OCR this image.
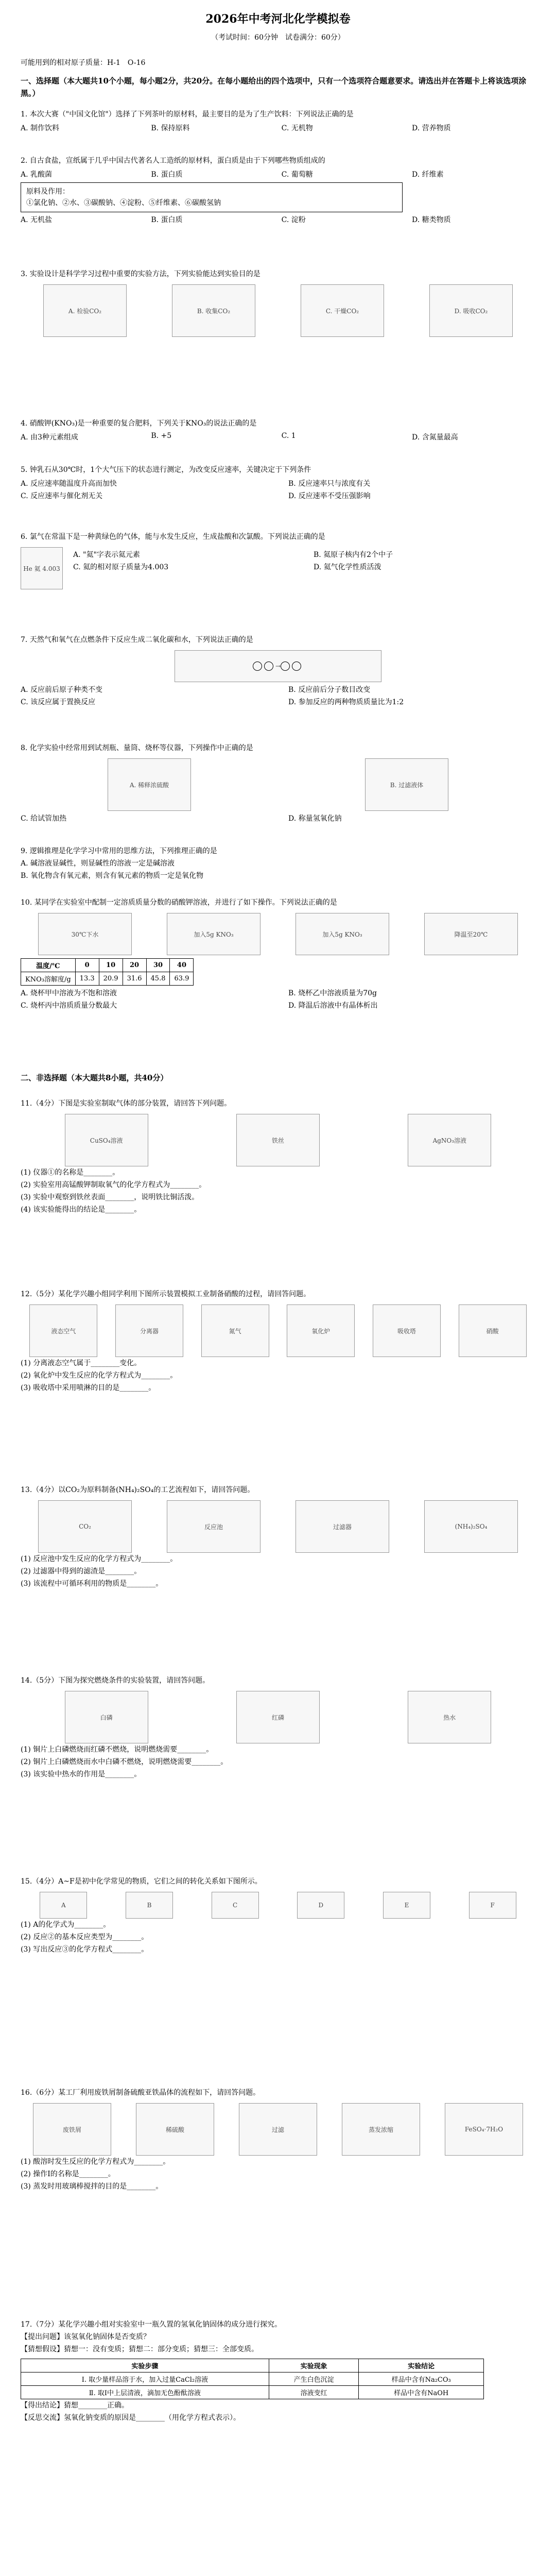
2026年中考河北化学模拟卷
（考试时间：60分钟　试卷满分：60分）

可能用到的相对原子质量：H-1　O-16

一、选择题（本大题共10个小题，每小题2分，共20分。在每小题给出的四个选项中，只有一个选项符合题意要求。请选出并在答题卡上将该选项涂黑。）

1. 本次大赛（"中国文化馆"）选择了下列茶叶的原材料，最主要目的是为了生产饮料：下列说法正确的是

A. 制作饮料	B. 保持原料	C. 无机物	D. 营养物质

2. 自古食盐，宣纸属于几乎中国古代著名人工造纸的原材料，蛋白质是由于下列哪些物质组成的

A. 乳酸菌	B. 蛋白质	C. 葡萄糖	D. 纤维素
原料及作用：
①氯化钠、②水、③碳酸钠、④淀粉、⑤纤维素、⑥碳酸氢钠
A. 无机盐	B. 蛋白质	C. 淀粉	D. 糖类物质

3. 实验设计是科学学习过程中重要的实验方法，下列实验能达到实验目的是

A. 检验CO₂	B. 收集CO₂	C. 干燥CO₂	D. 吸收CO₂

4. 硝酸钾(KNO₃)是一种重要的复合肥料，下列关于KNO₃的说法正确的是

A. 由3种元素组成	B. +5	C. 1	D. 含氮量最高

5. 钟乳石从30℃时，1个大气压下的状态进行测定，为改变反应速率，关键决定于下列条件

A. 反应速率随温度升高而加快	B. 反应速率只与浓度有关
C. 反应速率与催化剂无关	D. 反应速率不受压强影响

6. 氯气在常温下是一种黄绿色的气体，能与水发生反应，生成盐酸和次氯酸。下列说法正确的是

He 氦 4.003
A. "氦"字表示氦元素	B. 氦原子核内有2个中子
C. 氦的相对原子质量为4.003	D. 氦气化学性质活泼

7. 天然气和氧气在点燃条件下反应生成二氧化碳和水，下列说法正确的是

→
A. 反应前后原子种类不变	B. 反应前后分子数目改变
C. 该反应属于置换反应	D. 参加反应的两种物质质量比为1:2

8. 化学实验中经常用到试剂瓶、量筒、烧杯等仪器，下列操作中正确的是

A. 稀释浓硫酸	B. 过滤液体
C. 给试管加热	D. 称量氢氧化钠

9. 逻辑推理是化学学习中常用的思维方法，下列推理正确的是

A. 碱溶液显碱性，则显碱性的溶液一定是碱溶液

B. 氧化物含有氧元素，则含有氧元素的物质一定是氧化物

10. 某同学在实验室中配制一定溶质质量分数的硝酸钾溶液，并进行了如下操作。下列说法正确的是

30℃下水	加入5g KNO₃	加入5g KNO₃	降温至20℃
温度/℃	0	10	20	30	40
KNO₃溶解度/g	13.3	20.9	31.6	45.8	63.9
A. 烧杯甲中溶液为不饱和溶液	B. 烧杯乙中溶液质量为70g
C. 烧杯丙中溶质质量分数最大	D. 降温后溶液中有晶体析出
二、非选择题（本大题共8小题，共40分）

11.（4分）下图是实验室制取气体的部分装置，请回答下列问题。

CuSO₄溶液	铁丝	AgNO₃溶液

(1) 仪器①的名称是________。

(2) 实验室用高锰酸钾制取氧气的化学方程式为________。

(3) 实验中观察到铁丝表面________，说明铁比铜活泼。

(4) 该实验能得出的结论是________。

12.（5分）某化学兴趣小组同学利用下图所示装置模拟工业制备硝酸的过程，请回答问题。

液态空气	分离器	氮气	氧化炉	吸收塔	硝酸

(1) 分离液态空气属于________变化。

(2) 氧化炉中发生反应的化学方程式为________。

(3) 吸收塔中采用喷淋的目的是________。

13.（4分）以CO₂为原料制备(NH₄)₂SO₄的工艺流程如下，请回答问题。

CO₂	反应池	过滤器	(NH₄)₂SO₄

(1) 反应池中发生反应的化学方程式为________。

(2) 过滤器中得到的滤渣是________。

(3) 该流程中可循环利用的物质是________。

14.（5分）下图为探究燃烧条件的实验装置，请回答问题。

白磷	红磷	热水

(1) 铜片上白磷燃烧而红磷不燃烧，说明燃烧需要________。

(2) 铜片上白磷燃烧而水中白磷不燃烧，说明燃烧需要________。

(3) 该实验中热水的作用是________。

15.（4分）A~F是初中化学常见的物质，它们之间的转化关系如下图所示。

A	B	C	D	E	F

(1) A的化学式为________。

(2) 反应②的基本反应类型为________。

(3) 写出反应③的化学方程式________。

16.（6分）某工厂利用废铁屑制备硫酸亚铁晶体的流程如下，请回答问题。

废铁屑	稀硫酸	过滤	蒸发浓缩	FeSO₄·7H₂O

(1) 酸溶时发生反应的化学方程式为________。

(2) 操作Ⅰ的名称是________。

(3) 蒸发时用玻璃棒搅拌的目的是________。

17.（7分）某化学兴趣小组对实验室中一瓶久置的氢氧化钠固体的成分进行探究。

【提出问题】该氢氧化钠固体是否变质？

【猜想假设】猜想一：没有变质；猜想二：部分变质；猜想三：全部变质。

实验步骤	实验现象	实验结论
Ⅰ. 取少量样品溶于水，加入过量CaCl₂溶液	产生白色沉淀	样品中含有Na₂CO₃
Ⅱ. 取Ⅰ中上层清液，滴加无色酚酞溶液	溶液变红	样品中含有NaOH

【得出结论】猜想________正确。

【反思交流】氢氧化钠变质的原因是________（用化学方程式表示）。
